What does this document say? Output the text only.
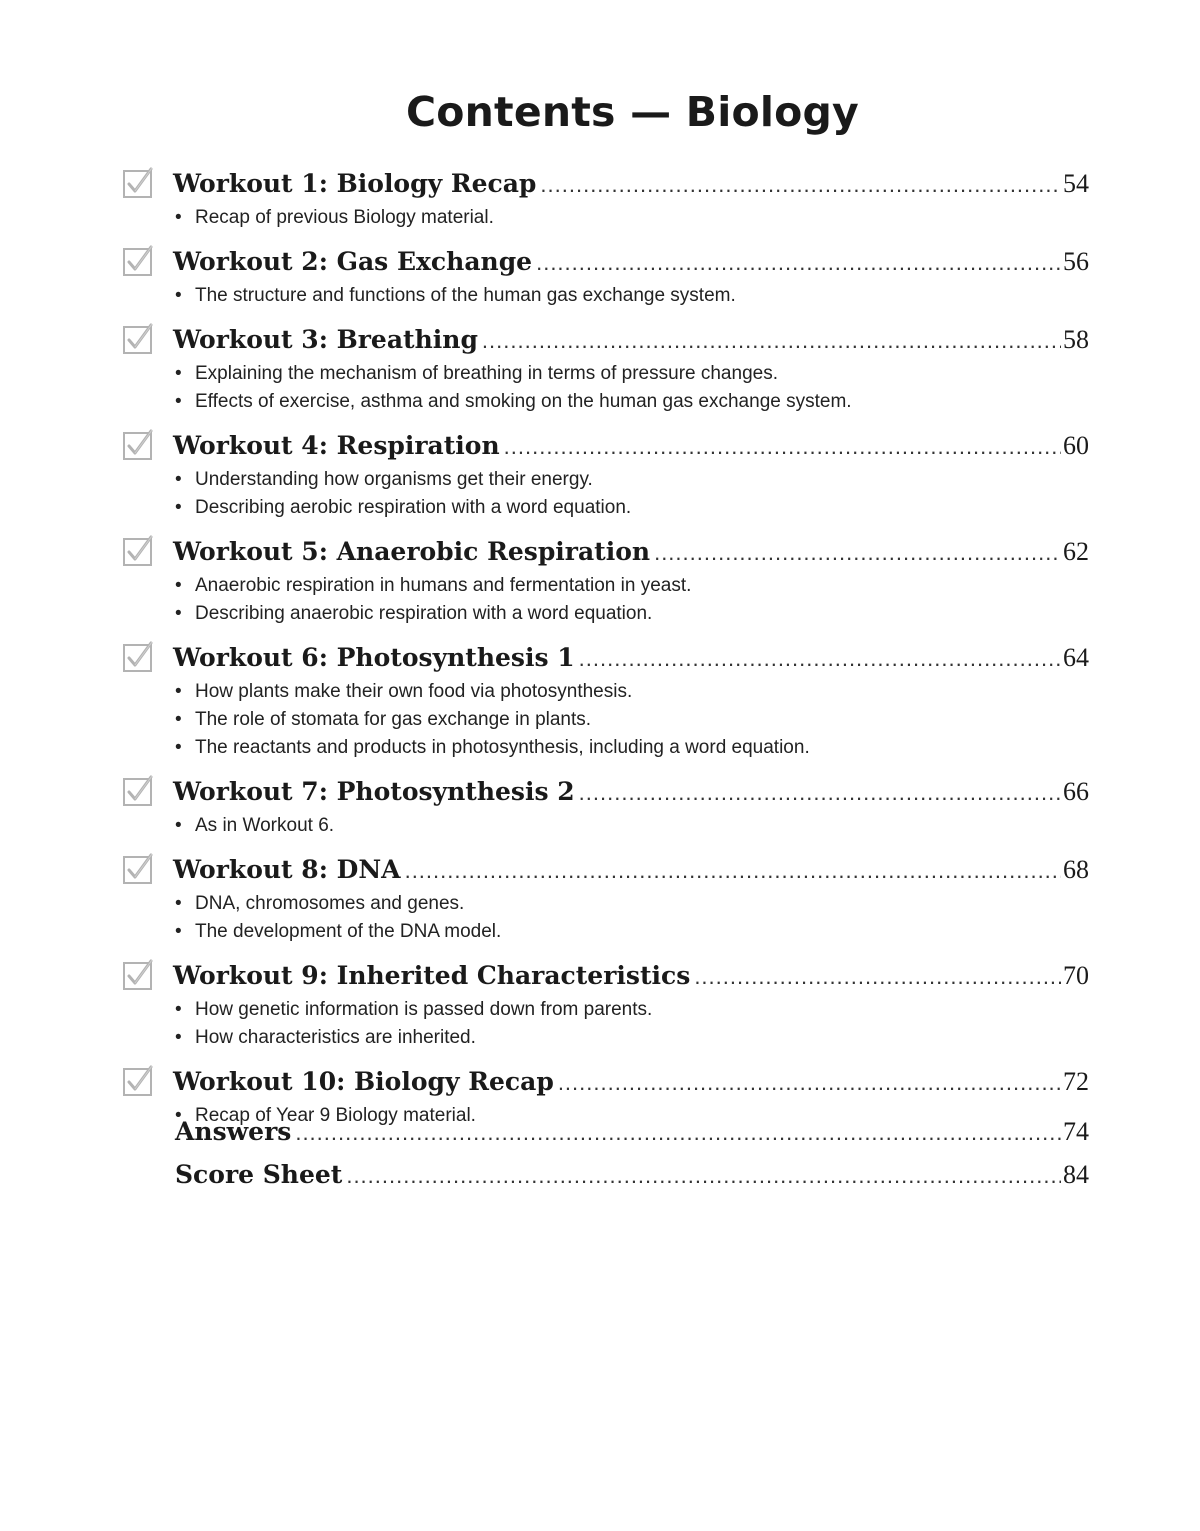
Contents — Biology
Workout 1: Biology Recap .....	54
• Recap of previous Biology material.
Workout 2: Gas Exchange .....	56
• The structure and functions of the human gas exchange system.
Workout 3: Breathing .....	58
• Explaining the mechanism of breathing in terms of pressure changes.
• Effects of exercise, asthma and smoking on the human gas exchange system.
Workout 4: Respiration .....	60
• Understanding how organisms get their energy.
• Describing aerobic respiration with a word equation.
Workout 5: Anaerobic Respiration .....	62
• Anaerobic respiration in humans and fermentation in yeast.
• Describing anaerobic respiration with a word equation.
Workout 6: Photosynthesis 1 .....	64
• How plants make their own food via photosynthesis.
• The role of stomata for gas exchange in plants.
• The reactants and products in photosynthesis, including a word equation.
Workout 7: Photosynthesis 2 .....	66
• As in Workout 6.
Workout 8: DNA .....	68
• DNA, chromosomes and genes.
• The development of the DNA model.
Workout 9: Inherited Characteristics .....	70
• How genetic information is passed down from parents.
• How characteristics are inherited.
Workout 10: Biology Recap .....	72
• Recap of Year 9 Biology material.
Answers .....	74
Score Sheet .....	84
